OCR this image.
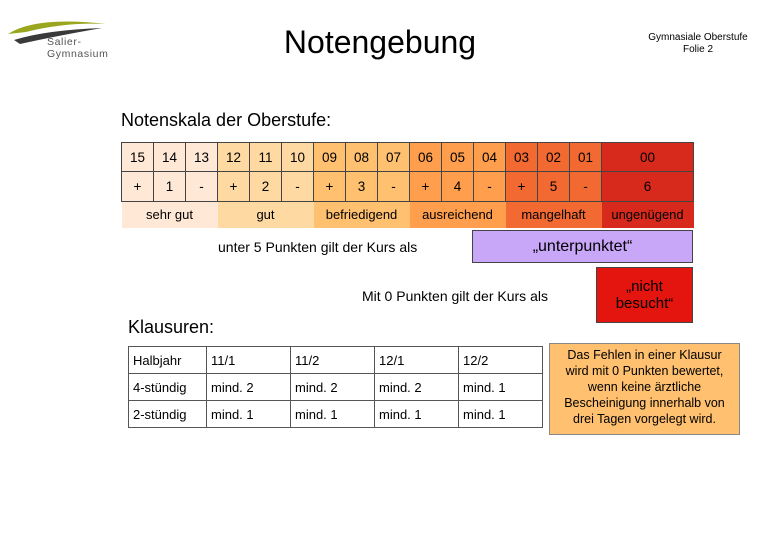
Salier-
Gymnasium	Notengebung	Gymnasiale Oberstufe
Folie 2
Notenskala der Oberstufe:
15	14	13	12	11	10	09	08	07	06	05	04	03	02	01	00
+	1	-	+	2	-	+	3	-	+	4	-	+	5	-	6
sehr gut			gut			befriedigend			ausreichend			mangelhaft			ungenügend
unter 5 Punkten gilt der Kurs als	„unterpunktet“
Mit 0 Punkten gilt der Kurs als
„nicht
besucht“
Klausuren:
Halbjahr	11/1	11/2	12/1	12/2
4-stündig	mind. 2	mind. 2	mind. 2	mind. 1
2-stündig	mind. 1	mind. 1	mind. 1	mind. 1
Das Fehlen in einer Klausur
wird mit 0 Punkten bewertet,
wenn keine ärztliche
Bescheinigung innerhalb von
drei Tagen vorgelegt wird.
